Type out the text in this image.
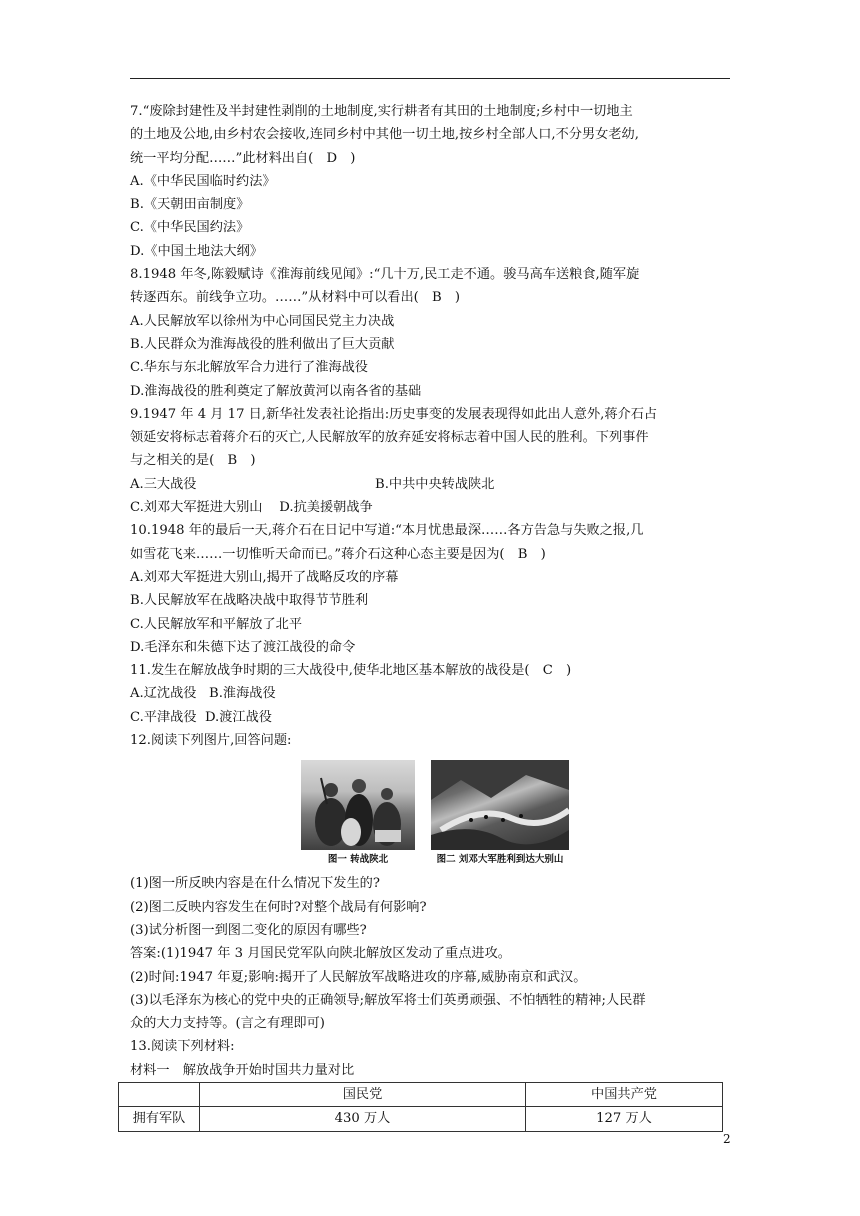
7.“废除封建性及半封建性剥削的土地制度,实行耕者有其田的土地制度;乡村中一切地主
的土地及公地,由乡村农会接收,连同乡村中其他一切土地,按乡村全部人口,不分男女老幼,
统一平均分配……”此材料出自(　D　)
A.《中华民国临时约法》
B.《天朝田亩制度》
C.《中华民国约法》
D.《中国土地法大纲》
8.1948 年冬,陈毅赋诗《淮海前线见闻》:“几十万,民工走不通。骏马高车送粮食,随军旋
转逐西东。前线争立功。……”从材料中可以看出(　B　)
A.人民解放军以徐州为中心同国民党主力决战
B.人民群众为淮海战役的胜利做出了巨大贡献
C.华东与东北解放军合力进行了淮海战役
D.淮海战役的胜利奠定了解放黄河以南各省的基础
9.1947 年 4 月 17 日,新华社发表社论指出:历史事变的发展表现得如此出人意外,蒋介石占
领延安将标志着蒋介石的灭亡,人民解放军的放弃延安将标志着中国人民的胜利。下列事件
与之相关的是(　B　)
A.三大战役	B.中共中央转战陕北
C.刘邓大军挺进大别山 D.抗美援朝战争
10.1948 年的最后一天,蒋介石在日记中写道:“本月忧患最深……各方告急与失败之报,几
如雪花飞来……一切惟听天命而已。”蒋介石这种心态主要是因为(　B　)
A.刘邓大军挺进大别山,揭开了战略反攻的序幕
B.人民解放军在战略决战中取得节节胜利
C.人民解放军和平解放了北平
D.毛泽东和朱德下达了渡江战役的命令
11.发生在解放战争时期的三大战役中,使华北地区基本解放的战役是(　C　)
A.辽沈战役 B.淮海战役
C.平津战役 D.渡江战役
12.阅读下列图片,回答问题:
图一 转战陕北	图二 刘邓大军胜利到达大别山
(1)图一所反映内容是在什么情况下发生的?
(2)图二反映内容发生在何时?对整个战局有何影响?
(3)试分析图一到图二变化的原因有哪些?
答案:(1)1947 年 3 月国民党军队向陕北解放区发动了重点进攻。
(2)时间:1947 年夏;影响:揭开了人民解放军战略进攻的序幕,威胁南京和武汉。
(3)以毛泽东为核心的党中央的正确领导;解放军将士们英勇顽强、不怕牺牲的精神;人民群
众的大力支持等。(言之有理即可)
13.阅读下列材料:
材料一　解放战争开始时国共力量对比
	国民党	中国共产党
拥有军队	430 万人	127 万人
2
